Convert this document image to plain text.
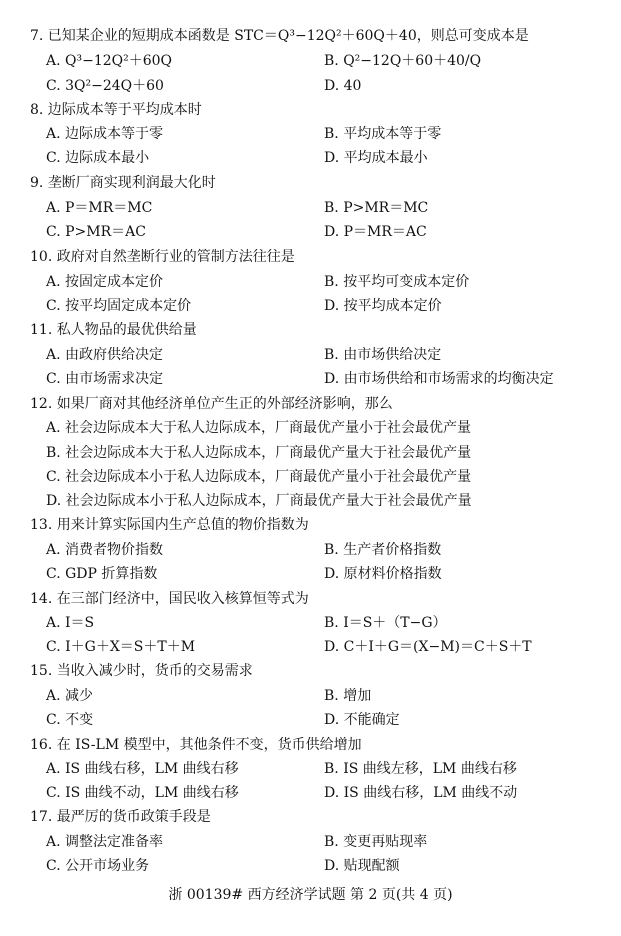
7. 已知某企业的短期成本函数是 STC＝Q³−12Q²＋60Q＋40，则总可变成本是
A. Q³−12Q²＋60Q	B. Q²−12Q＋60＋40/Q
C. 3Q²−24Q＋60	D. 40
8. 边际成本等于平均成本时
A. 边际成本等于零	B. 平均成本等于零
C. 边际成本最小	D. 平均成本最小
9. 垄断厂商实现利润最大化时
A. P＝MR＝MC	B. P>MR＝MC
C. P>MR＝AC	D. P＝MR＝AC
10. 政府对自然垄断行业的管制方法往往是
A. 按固定成本定价	B. 按平均可变成本定价
C. 按平均固定成本定价	D. 按平均成本定价
11. 私人物品的最优供给量
A. 由政府供给决定	B. 由市场供给决定
C. 由市场需求决定	D. 由市场供给和市场需求的均衡决定
12. 如果厂商对其他经济单位产生正的外部经济影响，那么
A. 社会边际成本大于私人边际成本，厂商最优产量小于社会最优产量
B. 社会边际成本大于私人边际成本，厂商最优产量大于社会最优产量
C. 社会边际成本小于私人边际成本，厂商最优产量小于社会最优产量
D. 社会边际成本小于私人边际成本，厂商最优产量大于社会最优产量
13. 用来计算实际国内生产总值的物价指数为
A. 消费者物价指数	B. 生产者价格指数
C. GDP 折算指数	D. 原材料价格指数
14. 在三部门经济中，国民收入核算恒等式为
A. I＝S	B. I＝S＋（T−G）
C. I＋G＋X＝S＋T＋M	D. C＋I＋G＝(X−M)＝C＋S＋T
15. 当收入减少时，货币的交易需求
A. 减少	B. 增加
C. 不变	D. 不能确定
16. 在 IS-LM 模型中，其他条件不变，货币供给增加
A. IS 曲线右移，LM 曲线右移	B. IS 曲线左移，LM 曲线右移
C. IS 曲线不动，LM 曲线右移	D. IS 曲线右移，LM 曲线不动
17. 最严厉的货币政策手段是
A. 调整法定准备率	B. 变更再贴现率
C. 公开市场业务	D. 贴现配额
浙 00139# 西方经济学试题 第 2 页(共 4 页)
